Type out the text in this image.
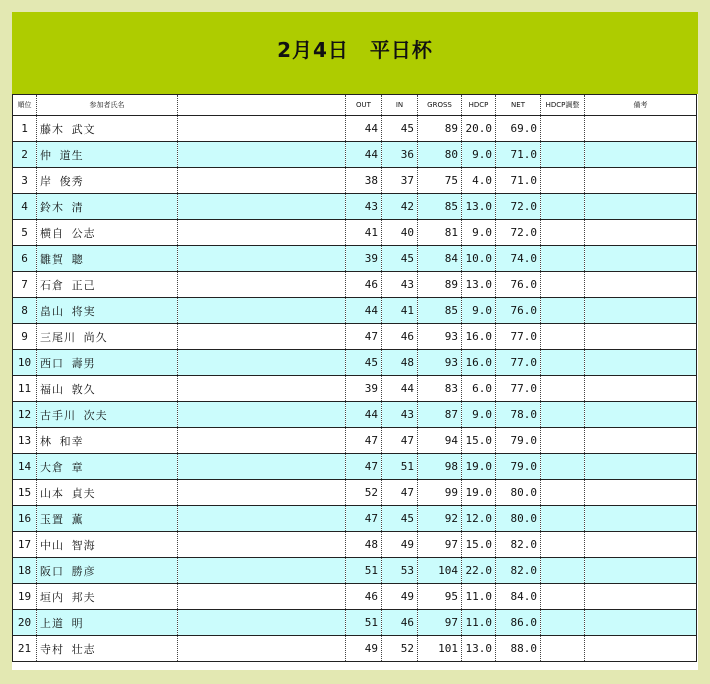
2月4日　平日杯
順位	参加者氏名		OUT	IN	GROSS	HDCP	NET	HDCP調整	備考
1	藤木 武文		44	45	89	20.0	69.0		
2	仲 道生		44	36	80	9.0	71.0		
3	岸 俊秀		38	37	75	4.0	71.0		
4	鈴木 清		43	42	85	13.0	72.0		
5	横自 公志		41	40	81	9.0	72.0		
6	雛賀 聰		39	45	84	10.0	74.0		
7	石倉 正己		46	43	89	13.0	76.0		
8	畠山 将実		44	41	85	9.0	76.0		
9	三尾川 尚久		47	46	93	16.0	77.0		
10	西口 壽男		45	48	93	16.0	77.0		
11	福山 敦久		39	44	83	6.0	77.0		
12	古手川 次夫		44	43	87	9.0	78.0		
13	林 和幸		47	47	94	15.0	79.0		
14	大倉 章		47	51	98	19.0	79.0		
15	山本 貞夫		52	47	99	19.0	80.0		
16	玉置 薫		47	45	92	12.0	80.0		
17	中山 智海		48	49	97	15.0	82.0		
18	阪口 勝彦		51	53	104	22.0	82.0		
19	垣内 邦夫		46	49	95	11.0	84.0		
20	上道 明		51	46	97	11.0	86.0		
21	寺村 壮志		49	52	101	13.0	88.0		
